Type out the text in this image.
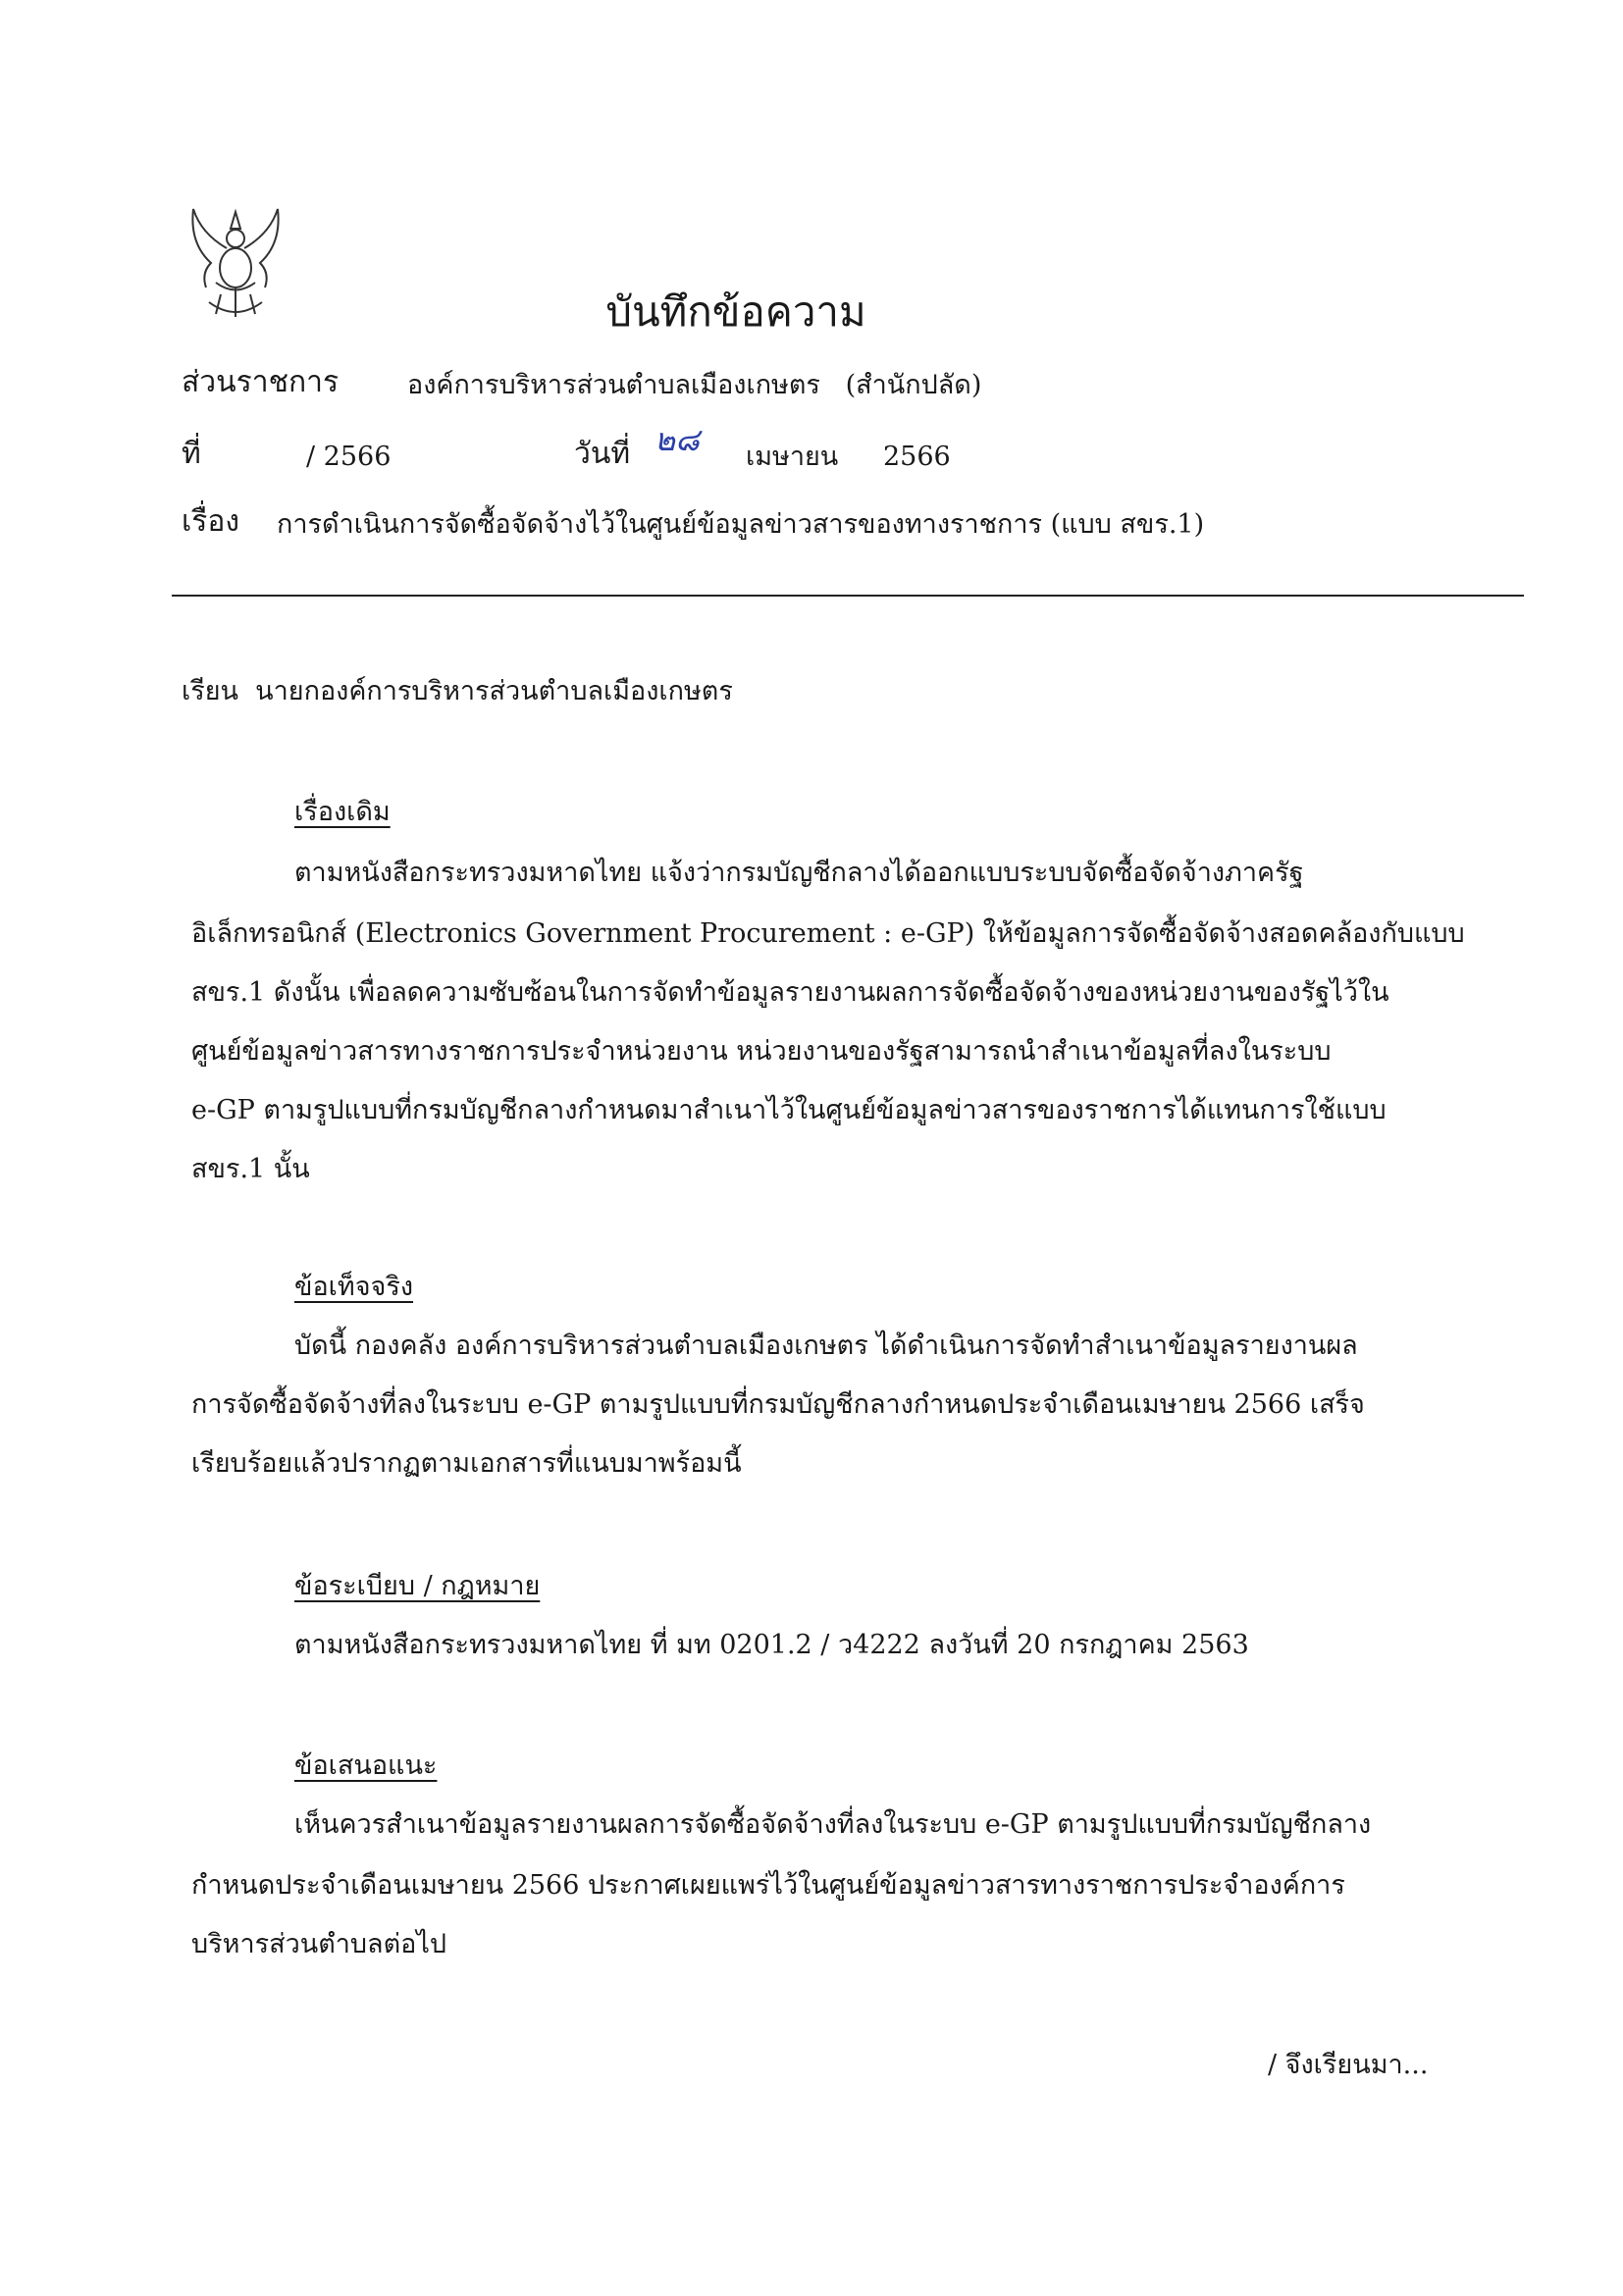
บันทึกข้อความ
ส่วนราชการ	องค์การบริหารส่วนตำบลเมืองเกษตร   (สำนักปลัด)
ที่	/ 2566	วันที่ ๒๘ เมษายน 2566
เรื่อง การดำเนินการจัดซื้อจัดจ้างไว้ในศูนย์ข้อมูลข่าวสารของทางราชการ (แบบ สขร.1)
เรียน  นายกองค์การบริหารส่วนตำบลเมืองเกษตร
เรื่องเดิม
ตามหนังสือกระทรวงมหาดไทย แจ้งว่ากรมบัญชีกลางได้ออกแบบระบบจัดซื้อจัดจ้างภาครัฐ
อิเล็กทรอนิกส์ (Electronics Government Procurement : e-GP) ให้ข้อมูลการจัดซื้อจัดจ้างสอดคล้องกับแบบ
สขร.1 ดังนั้น เพื่อลดความซับซ้อนในการจัดทำข้อมูลรายงานผลการจัดซื้อจัดจ้างของหน่วยงานของรัฐไว้ใน
ศูนย์ข้อมูลข่าวสารทางราชการประจำหน่วยงาน หน่วยงานของรัฐสามารถนำสำเนาข้อมูลที่ลงในระบบ
e-GP ตามรูปแบบที่กรมบัญชีกลางกำหนดมาสำเนาไว้ในศูนย์ข้อมูลข่าวสารของราชการได้แทนการใช้แบบ
สขร.1 นั้น
ข้อเท็จจริง
บัดนี้ กองคลัง องค์การบริหารส่วนตำบลเมืองเกษตร ได้ดำเนินการจัดทำสำเนาข้อมูลรายงานผล
การจัดซื้อจัดจ้างที่ลงในระบบ e-GP ตามรูปแบบที่กรมบัญชีกลางกำหนดประจำเดือนเมษายน 2566 เสร็จ
เรียบร้อยแล้วปรากฏตามเอกสารที่แนบมาพร้อมนี้
ข้อระเบียบ / กฎหมาย
ตามหนังสือกระทรวงมหาดไทย ที่ มท 0201.2 / ว4222 ลงวันที่ 20 กรกฎาคม 2563
ข้อเสนอแนะ
เห็นควรสำเนาข้อมูลรายงานผลการจัดซื้อจัดจ้างที่ลงในระบบ e-GP ตามรูปแบบที่กรมบัญชีกลาง
กำหนดประจำเดือนเมษายน 2566 ประกาศเผยแพร่ไว้ในศูนย์ข้อมูลข่าวสารทางราชการประจำองค์การ
บริหารส่วนตำบลต่อไป
/ จึงเรียนมา...
